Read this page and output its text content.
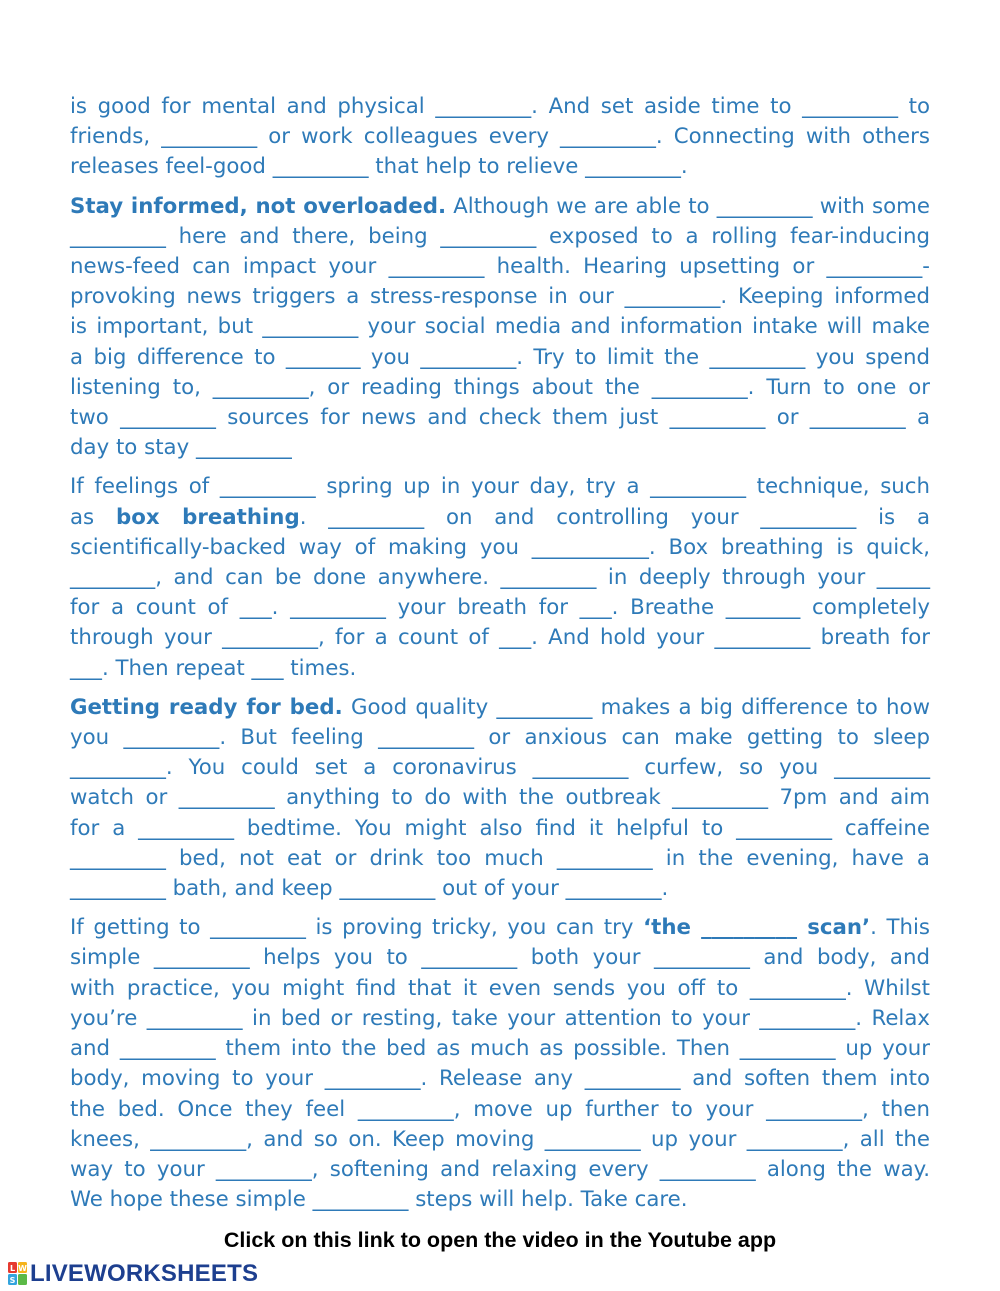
is good for mental and physical _________. And set aside time to _________ to
friends, _________ or work colleagues every _________. Connecting with others
releases feel-good _________ that help to relieve _________.
Stay informed, not overloaded. Although we are able to _________ with some
_________ here and there, being _________ exposed to a rolling fear-inducing
news-feed can impact your _________ health. Hearing upsetting or _________-
provoking news triggers a stress-response in our _________. Keeping informed
is important, but _________ your social media and information intake will make
a big difference to _______ you _________. Try to limit the _________ you spend
listening to, _________, or reading things about the _________. Turn to one or
two _________ sources for news and check them just _________ or _________ a
day to stay _________
If feelings of _________ spring up in your day, try a _________ technique, such
as box breathing. _________ on and controlling your _________ is a
scientifically-backed way of making you ___________. Box breathing is quick,
________, and can be done anywhere. _________ in deeply through your _____
for a count of ___. _________ your breath for ___. Breathe _______ completely
through your _________, for a count of ___. And hold your _________ breath for
___. Then repeat ___ times.
Getting ready for bed. Good quality _________ makes a big difference to how
you _________. But feeling _________ or anxious can make getting to sleep
_________. You could set a coronavirus _________ curfew, so you _________
watch or _________ anything to do with the outbreak _________ 7pm and aim
for a _________ bedtime. You might also find it helpful to _________ caffeine
_________ bed, not eat or drink too much _________ in the evening, have a
_________ bath, and keep _________ out of your _________.
If getting to _________ is proving tricky, you can try ‘the _________ scan’. This
simple _________ helps you to _________ both your _________ and body, and
with practice, you might find that it even sends you off to _________. Whilst
you’re _________ in bed or resting, take your attention to your _________. Relax
and _________ them into the bed as much as possible. Then _________ up your
body, moving to your _________. Release any _________ and soften them into
the bed. Once they feel _________, move up further to your _________, then
knees, _________, and so on. Keep moving _________ up your _________, all the
way to your _________, softening and relaxing every _________ along the way.
We hope these simple _________ steps will help. Take care.
Click on this link to open the video in the Youtube app
L W
S LIVEWORKSHEETS
